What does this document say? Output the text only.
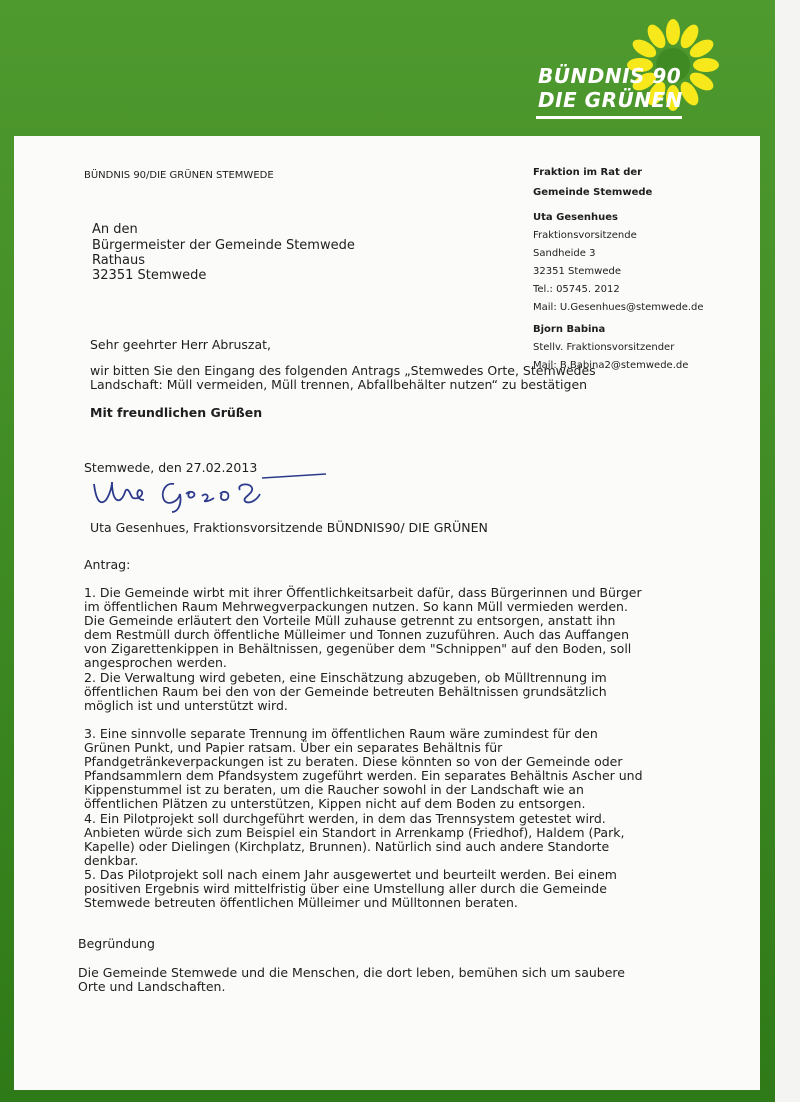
BÜNDNIS 90
DIE GRÜNEN
BÜNDNIS 90/DIE GRÜNEN STEMWEDE
An den
Bürgermeister der Gemeinde Stemwede
Rathaus
32351 Stemwede
Fraktion im Rat der
Gemeinde Stemwede
Uta Gesenhues
Fraktionsvorsitzende
Sandheide 3
32351 Stemwede
Tel.: 05745. 2012
Mail: U.Gesenhues@stemwede.de
Bjorn Babina
Stellv. Fraktionsvorsitzender
Mail: B.Babina2@stemwede.de
Sehr geehrter Herr Abruszat,

wir bitten Sie den Eingang des folgenden Antrags „Stemwedes Orte, Stemwedes Landschaft: Müll vermeiden, Müll trennen, Abfallbehälter nutzen“ zu bestätigen

Mit freundlichen Grüßen
Stemwede, den 27.02.2013
Uta Gesenhues, Fraktionsvorsitzende BÜNDNIS90/ DIE GRÜNEN
Antrag:

1. Die Gemeinde wirbt mit ihrer Öffentlichkeitsarbeit dafür, dass Bürgerinnen und Bürger im öffentlichen Raum Mehrwegverpackungen nutzen. So kann Müll vermieden werden. Die Gemeinde erläutert den Vorteile Müll zuhause getrennt zu entsorgen, anstatt ihn dem Restmüll durch öffentliche Mülleimer und Tonnen zuzuführen. Auch das Auffangen von Zigarettenkippen in Behältnissen, gegenüber dem "Schnippen" auf den Boden, soll angesprochen werden.

2. Die Verwaltung wird gebeten, eine Einschätzung abzugeben, ob Mülltrennung im öffentlichen Raum bei den von der Gemeinde betreuten Behältnissen grundsätzlich möglich ist und unterstützt wird.

3. Eine sinnvolle separate Trennung im öffentlichen Raum wäre zumindest für den Grünen Punkt, und Papier ratsam. Über ein separates Behältnis für Pfandgetränkeverpackungen ist zu beraten. Diese könnten so von der Gemeinde oder Pfandsammlern dem Pfandsystem zugeführt werden. Ein separates Behältnis Ascher und Kippenstummel ist zu beraten, um die Raucher sowohl in der Landschaft wie an öffentlichen Plätzen zu unterstützen, Kippen nicht auf dem Boden zu entsorgen.

4. Ein Pilotprojekt soll durchgeführt werden, in dem das Trennsystem getestet wird. Anbieten würde sich zum Beispiel ein Standort in Arrenkamp (Friedhof), Haldem (Park, Kapelle) oder Dielingen (Kirchplatz, Brunnen). Natürlich sind auch andere Standorte denkbar.

5. Das Pilotprojekt soll nach einem Jahr ausgewertet und beurteilt werden. Bei einem positiven Ergebnis wird mittelfristig über eine Umstellung aller durch die Gemeinde Stemwede betreuten öffentlichen Mülleimer und Mülltonnen beraten.

Begründung

Die Gemeinde Stemwede und die Menschen, die dort leben, bemühen sich um saubere Orte und Landschaften.
